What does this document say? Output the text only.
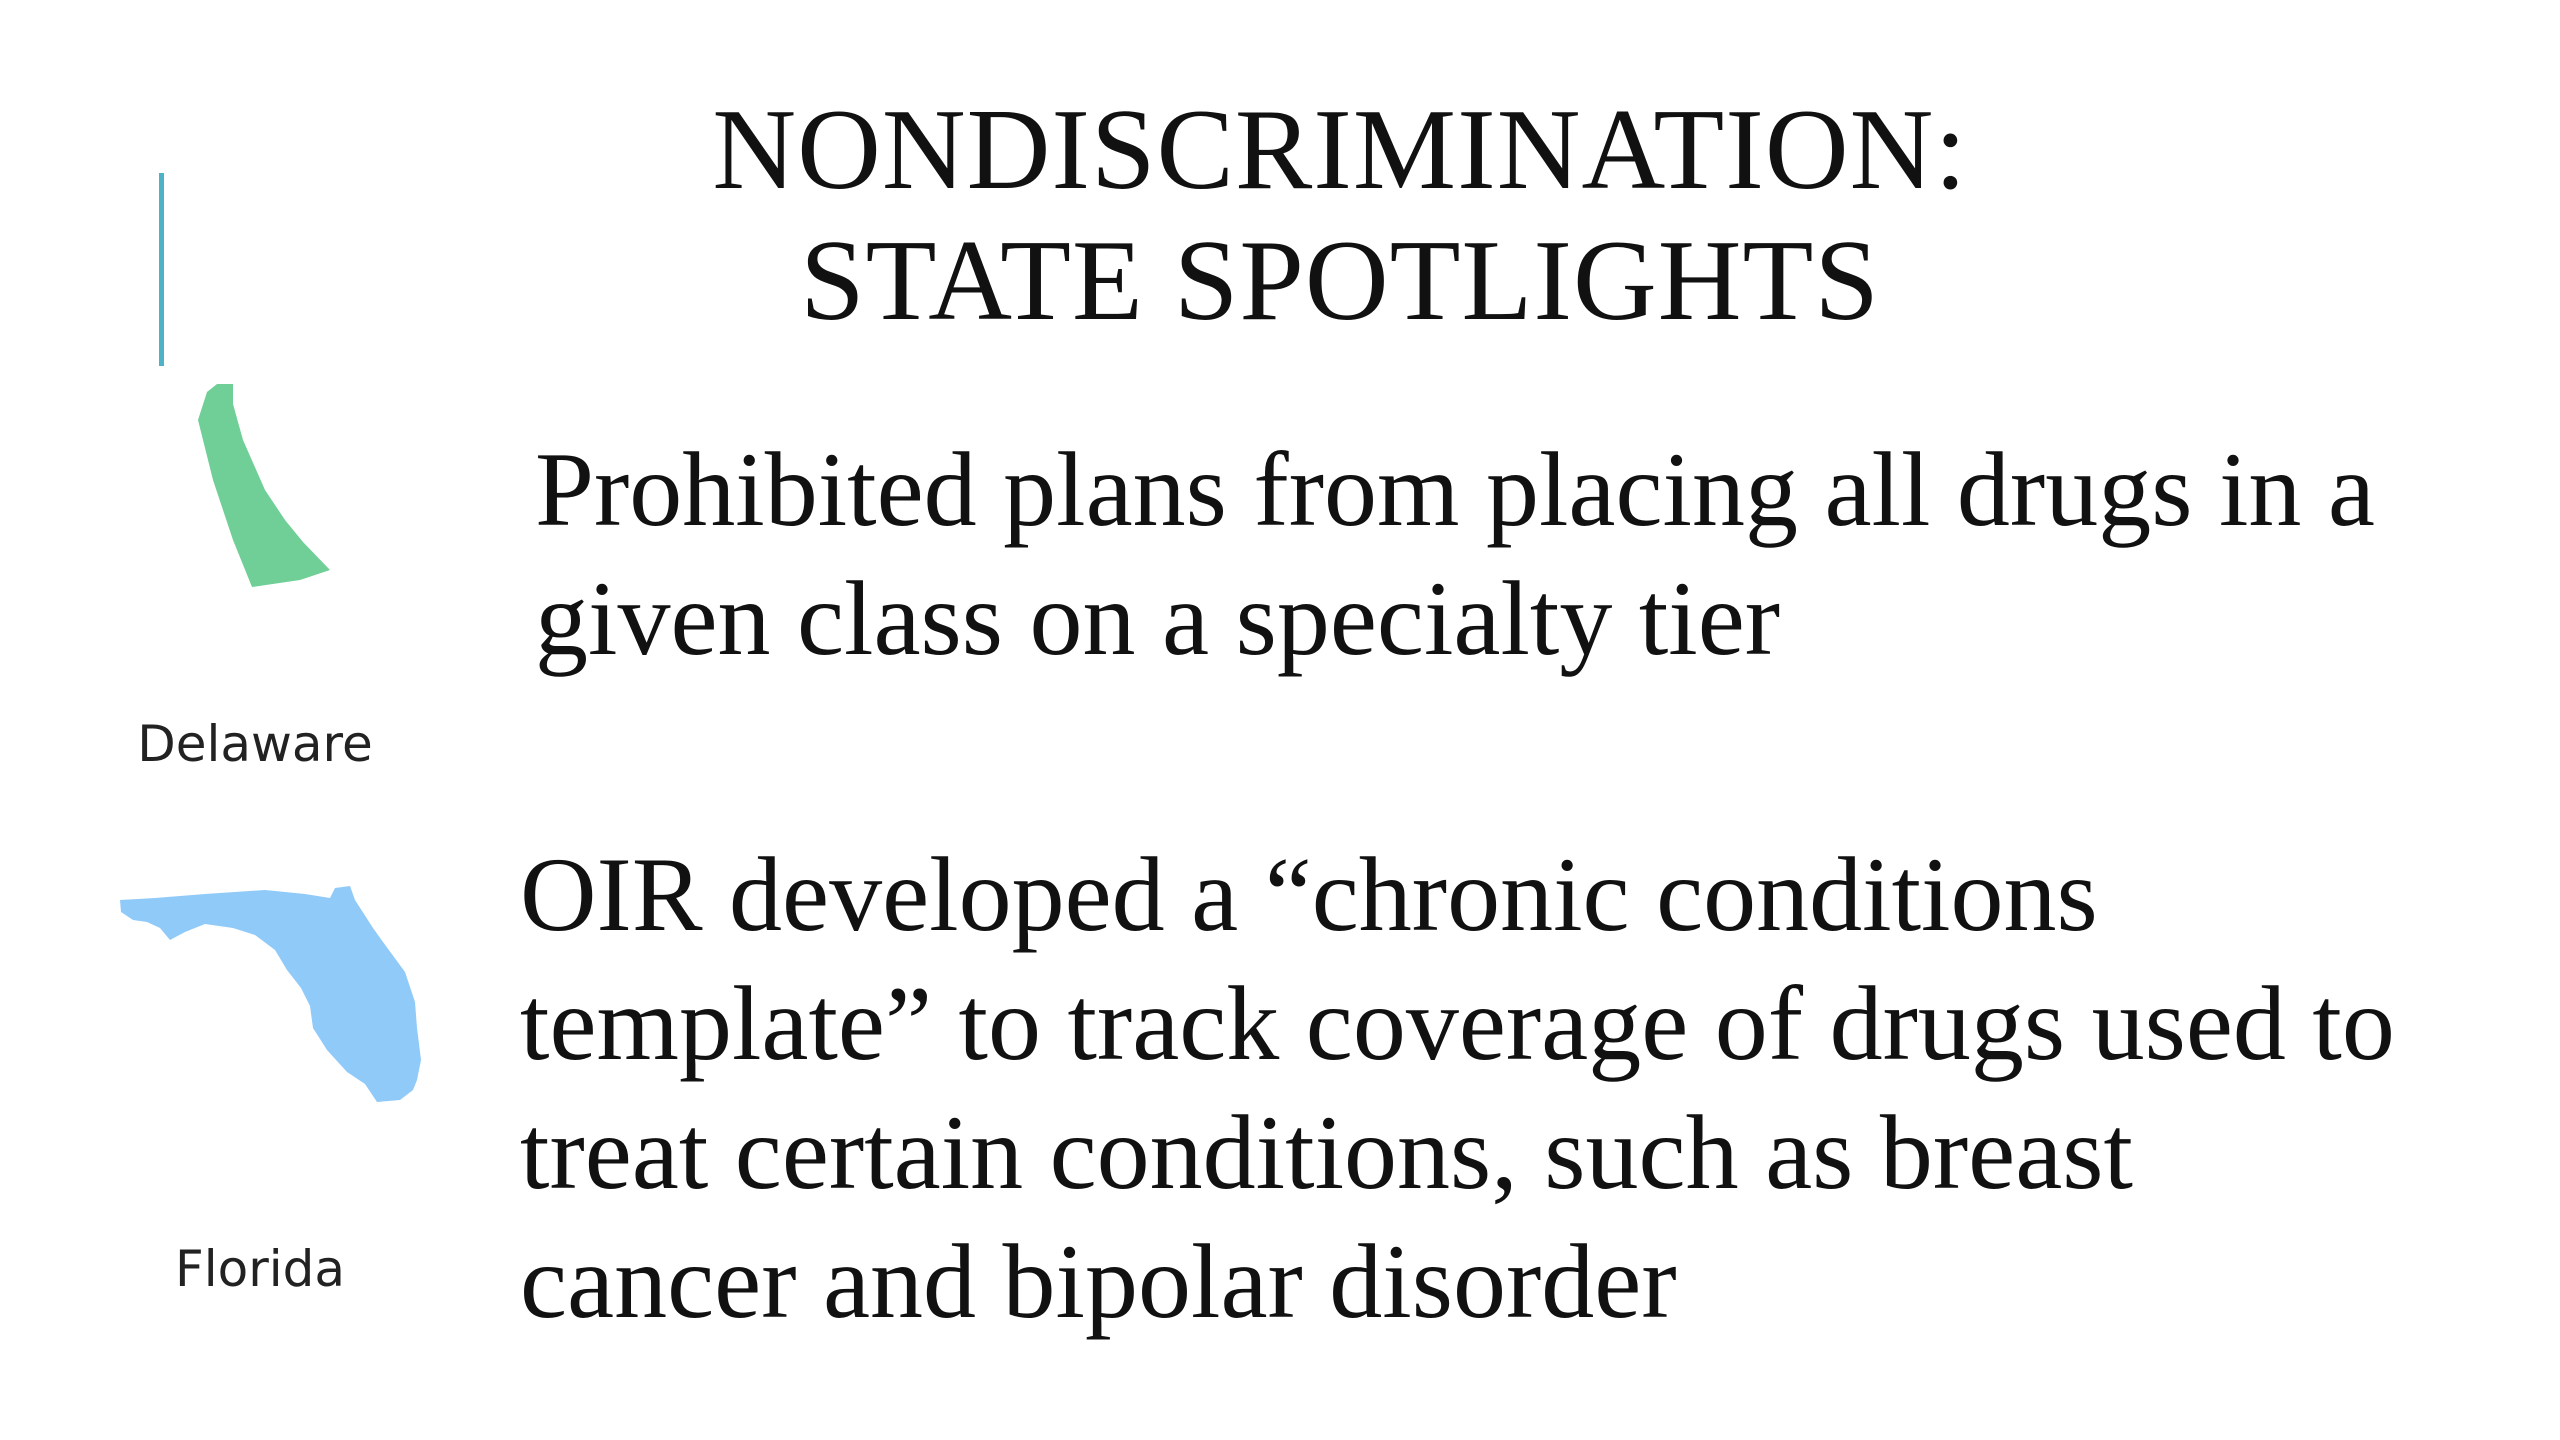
NONDISCRIMINATION:
STATE SPOTLIGHTS
Delaware
Prohibited plans from placing all drugs in a
given class on a specialty tier
Florida
OIR developed a “chronic conditions
template” to track coverage of drugs used to
treat certain conditions, such as breast
cancer and bipolar disorder
